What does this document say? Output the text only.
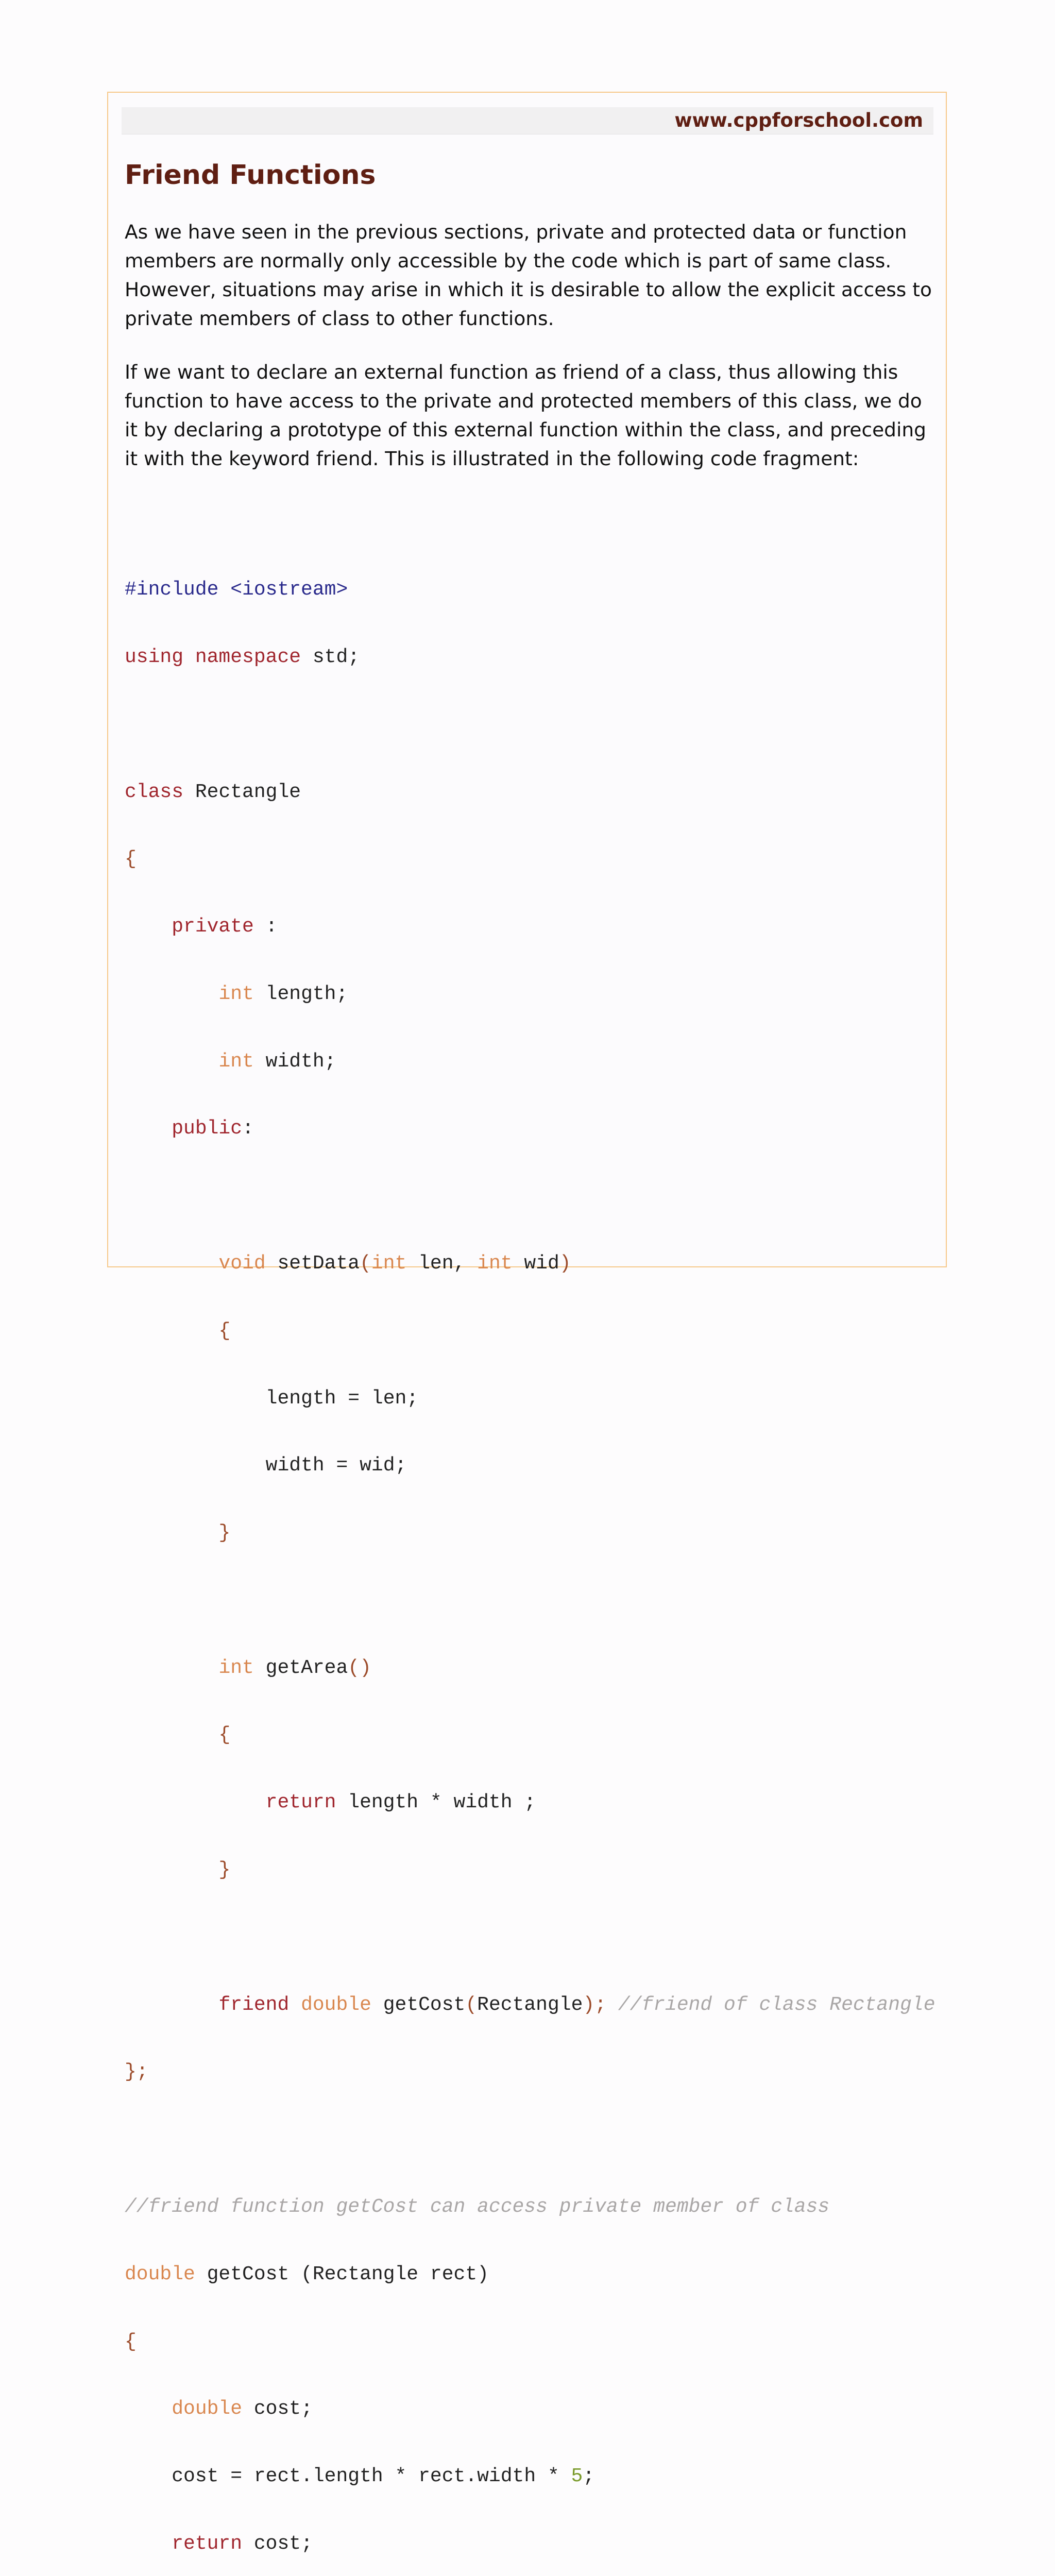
www.cppforschool.com
Friend Functions

As we have seen in the previous sections, private and protected data or function members are normally only accessible by the code which is part of same class. However, situations may arise in which it is desirable to allow the explicit access to private members of class to other functions.

If we want to declare an external function as friend of a class, thus allowing this function to have access to the private and protected members of this class, we do it by declaring a prototype of this external function within the class, and preceding it with the keyword friend. This is illustrated in the following code fragment:

#include <iostream>

using namespace std;

class Rectangle

{

private :

int length;

int width;

public:

void setData(int len, int wid)

{

length = len;

width = wid;

}

int getArea()

{

return length * width ;

}

friend double getCost(Rectangle); //friend of class Rectangle

};

//friend function getCost can access private member of class

double getCost (Rectangle rect)

{

double cost;

cost = rect.length * rect.width * 5;

return cost;
